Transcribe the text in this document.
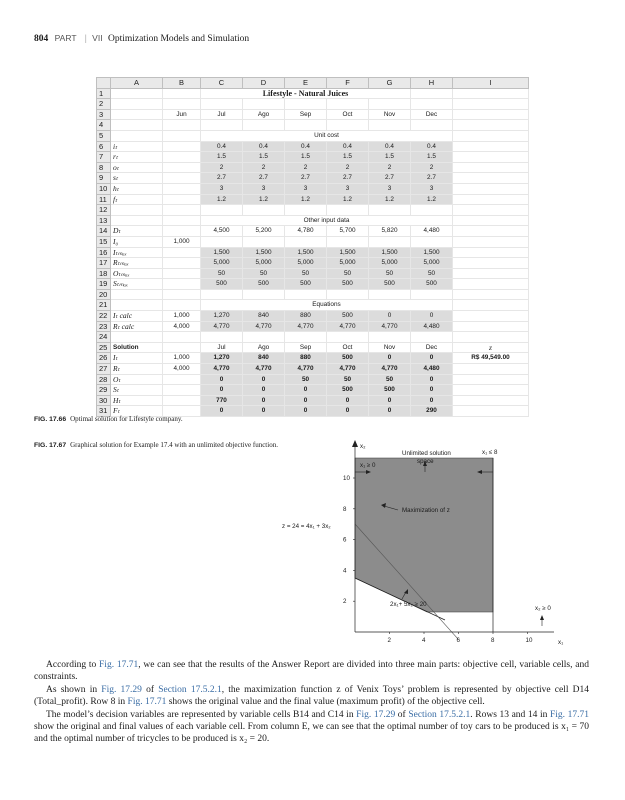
804 PART | VII Optimization Models and Simulation
	A	B	C	D	E	F	G	H	I
1			Lifestyle - Natural Juices						
2									
3		Jun	Jul	Ago	Sep	Oct	Nov	Dec	
4									
5			Unit cost						
6	iₜ		0.4	0.4	0.4	0.4	0.4	0.4	
7	rₜ		1.5	1.5	1.5	1.5	1.5	1.5	
8	oₜ		2	2	2	2	2	2	
9	sₜ		2.7	2.7	2.7	2.7	2.7	2.7	
10	hₜ		3	3	3	3	3	3	
11	fₜ		1.2	1.2	1.2	1.2	1.2	1.2	
12									
13			Other input data						
14	Dₜ		4,500	5,200	4,780	5,700	5,820	4,480	
15	I₀	1,000							
16	Iₜₘₐₓ		1,500	1,500	1,500	1,500	1,500	1,500	
17	Rₜₘₐₓ		5,000	5,000	5,000	5,000	5,000	5,000	
18	Oₜₘₐₓ		50	50	50	50	50	50	
19	Sₜₘₐₓ		500	500	500	500	500	500	
20									
21			Equations						
22	Iₜ calc	1,000	1,270	840	880	500	0	0	
23	Rₜ calc	4,000	4,770	4,770	4,770	4,770	4,770	4,480	
24									
25	Solution		Jul	Ago	Sep	Oct	Nov	Dec	z
26	Iₜ	1,000	1,270	840	880	500	0	0	R$ 49,549.00
27	Rₜ	4,000	4,770	4,770	4,770	4,770	4,770	4,480	
28	Oₜ		0	0	50	50	50	0	
29	Sₜ		0	0	0	500	500	0	
30	Hₜ		770	0	0	0	0	0	
31	Fₜ		0	0	0	0	0	290	
FIG. 17.66 Optimal solution for Lifestyle company.
FIG. 17.67 Graphical solution for Example 17.4 with an unlimited objective function.
2	4	6	8	10
2
4
6
8
10
x₂
x₁
Unlimited solution
space
x₁ ≥ 0
x₁ ≤ 8
z = 24 = 4x₁ + 3x₂
Maximization of z
2x₁+ 5x₂ ≥ 20
x₂ ≥ 0

According to Fig. 17.71, we can see that the results of the Answer Report are divided into three main parts: objective cell, variable cells, and constraints.

As shown in Fig. 17.29 of Section 17.5.2.1, the maximization function z of Venix Toys’ problem is represented by objective cell D14 (Total_profit). Row 8 in Fig. 17.71 shows the original value and the final value (maximum profit) of the objective cell.

The model’s decision variables are represented by variable cells B14 and C14 in Fig. 17.29 of Section 17.5.2.1. Rows 13 and 14 in Fig. 17.71 show the original and final values of each variable cell. From column E, we can see that the optimal number of toy cars to be produced is x₁ = 70 and the optimal number of tricycles to be produced is x₂ = 20.
